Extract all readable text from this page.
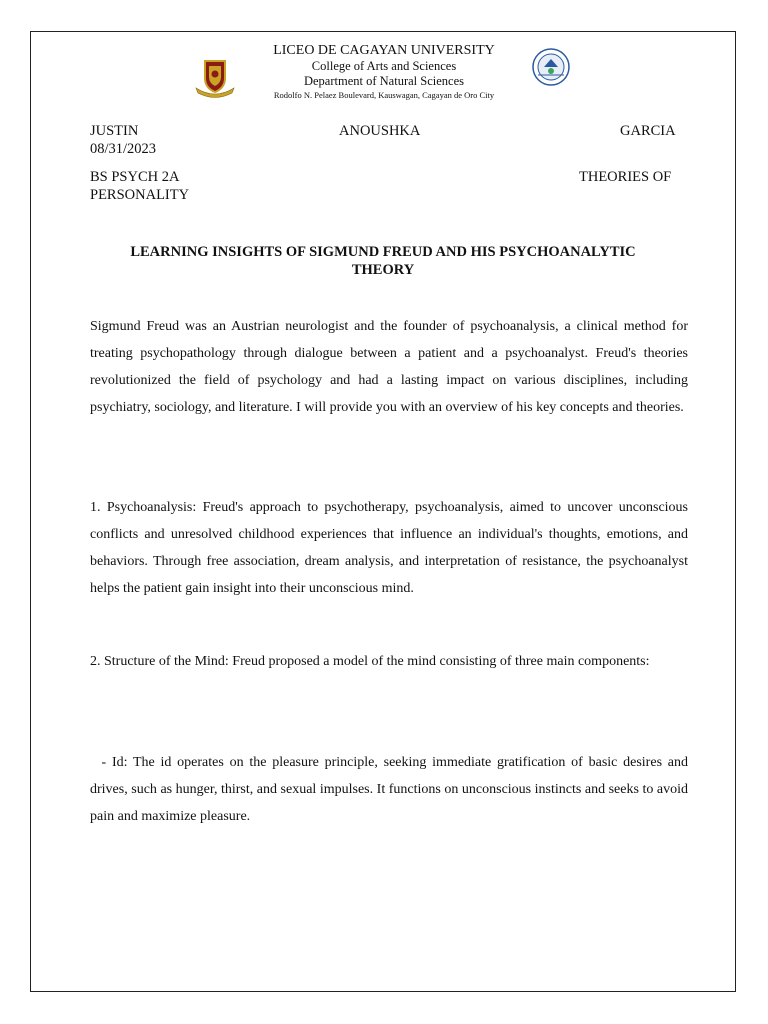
LICEO DE CAGAYAN UNIVERSITY
College of Arts and Sciences
Department of Natural Sciences
Rodolfo N. Pelaez Boulevard, Kauswagan, Cagayan de Oro City
JUSTIN	ANOUSHKA	GARCIA
08/31/2023
BS PSYCH 2A	THEORIES OF
PERSONALITY
LEARNING INSIGHTS OF SIGMUND FREUD AND HIS PSYCHOANALYTIC THEORY

Sigmund Freud was an Austrian neurologist and the founder of psychoanalysis, a clinical method for treating psychopathology through dialogue between a patient and a psychoanalyst. Freud's theories revolutionized the field of psychology and had a lasting impact on various disciplines, including psychiatry, sociology, and literature. I will provide you with an overview of his key concepts and theories.

1. Psychoanalysis: Freud's approach to psychotherapy, psychoanalysis, aimed to uncover unconscious conflicts and unresolved childhood experiences that influence an individual's thoughts, emotions, and behaviors. Through free association, dream analysis, and interpretation of resistance, the psychoanalyst helps the patient gain insight into their unconscious mind.

2. Structure of the Mind: Freud proposed a model of the mind consisting of three main components:

- Id: The id operates on the pleasure principle, seeking immediate gratification of basic desires and drives, such as hunger, thirst, and sexual impulses. It functions on unconscious instincts and seeks to avoid pain and maximize pleasure.
